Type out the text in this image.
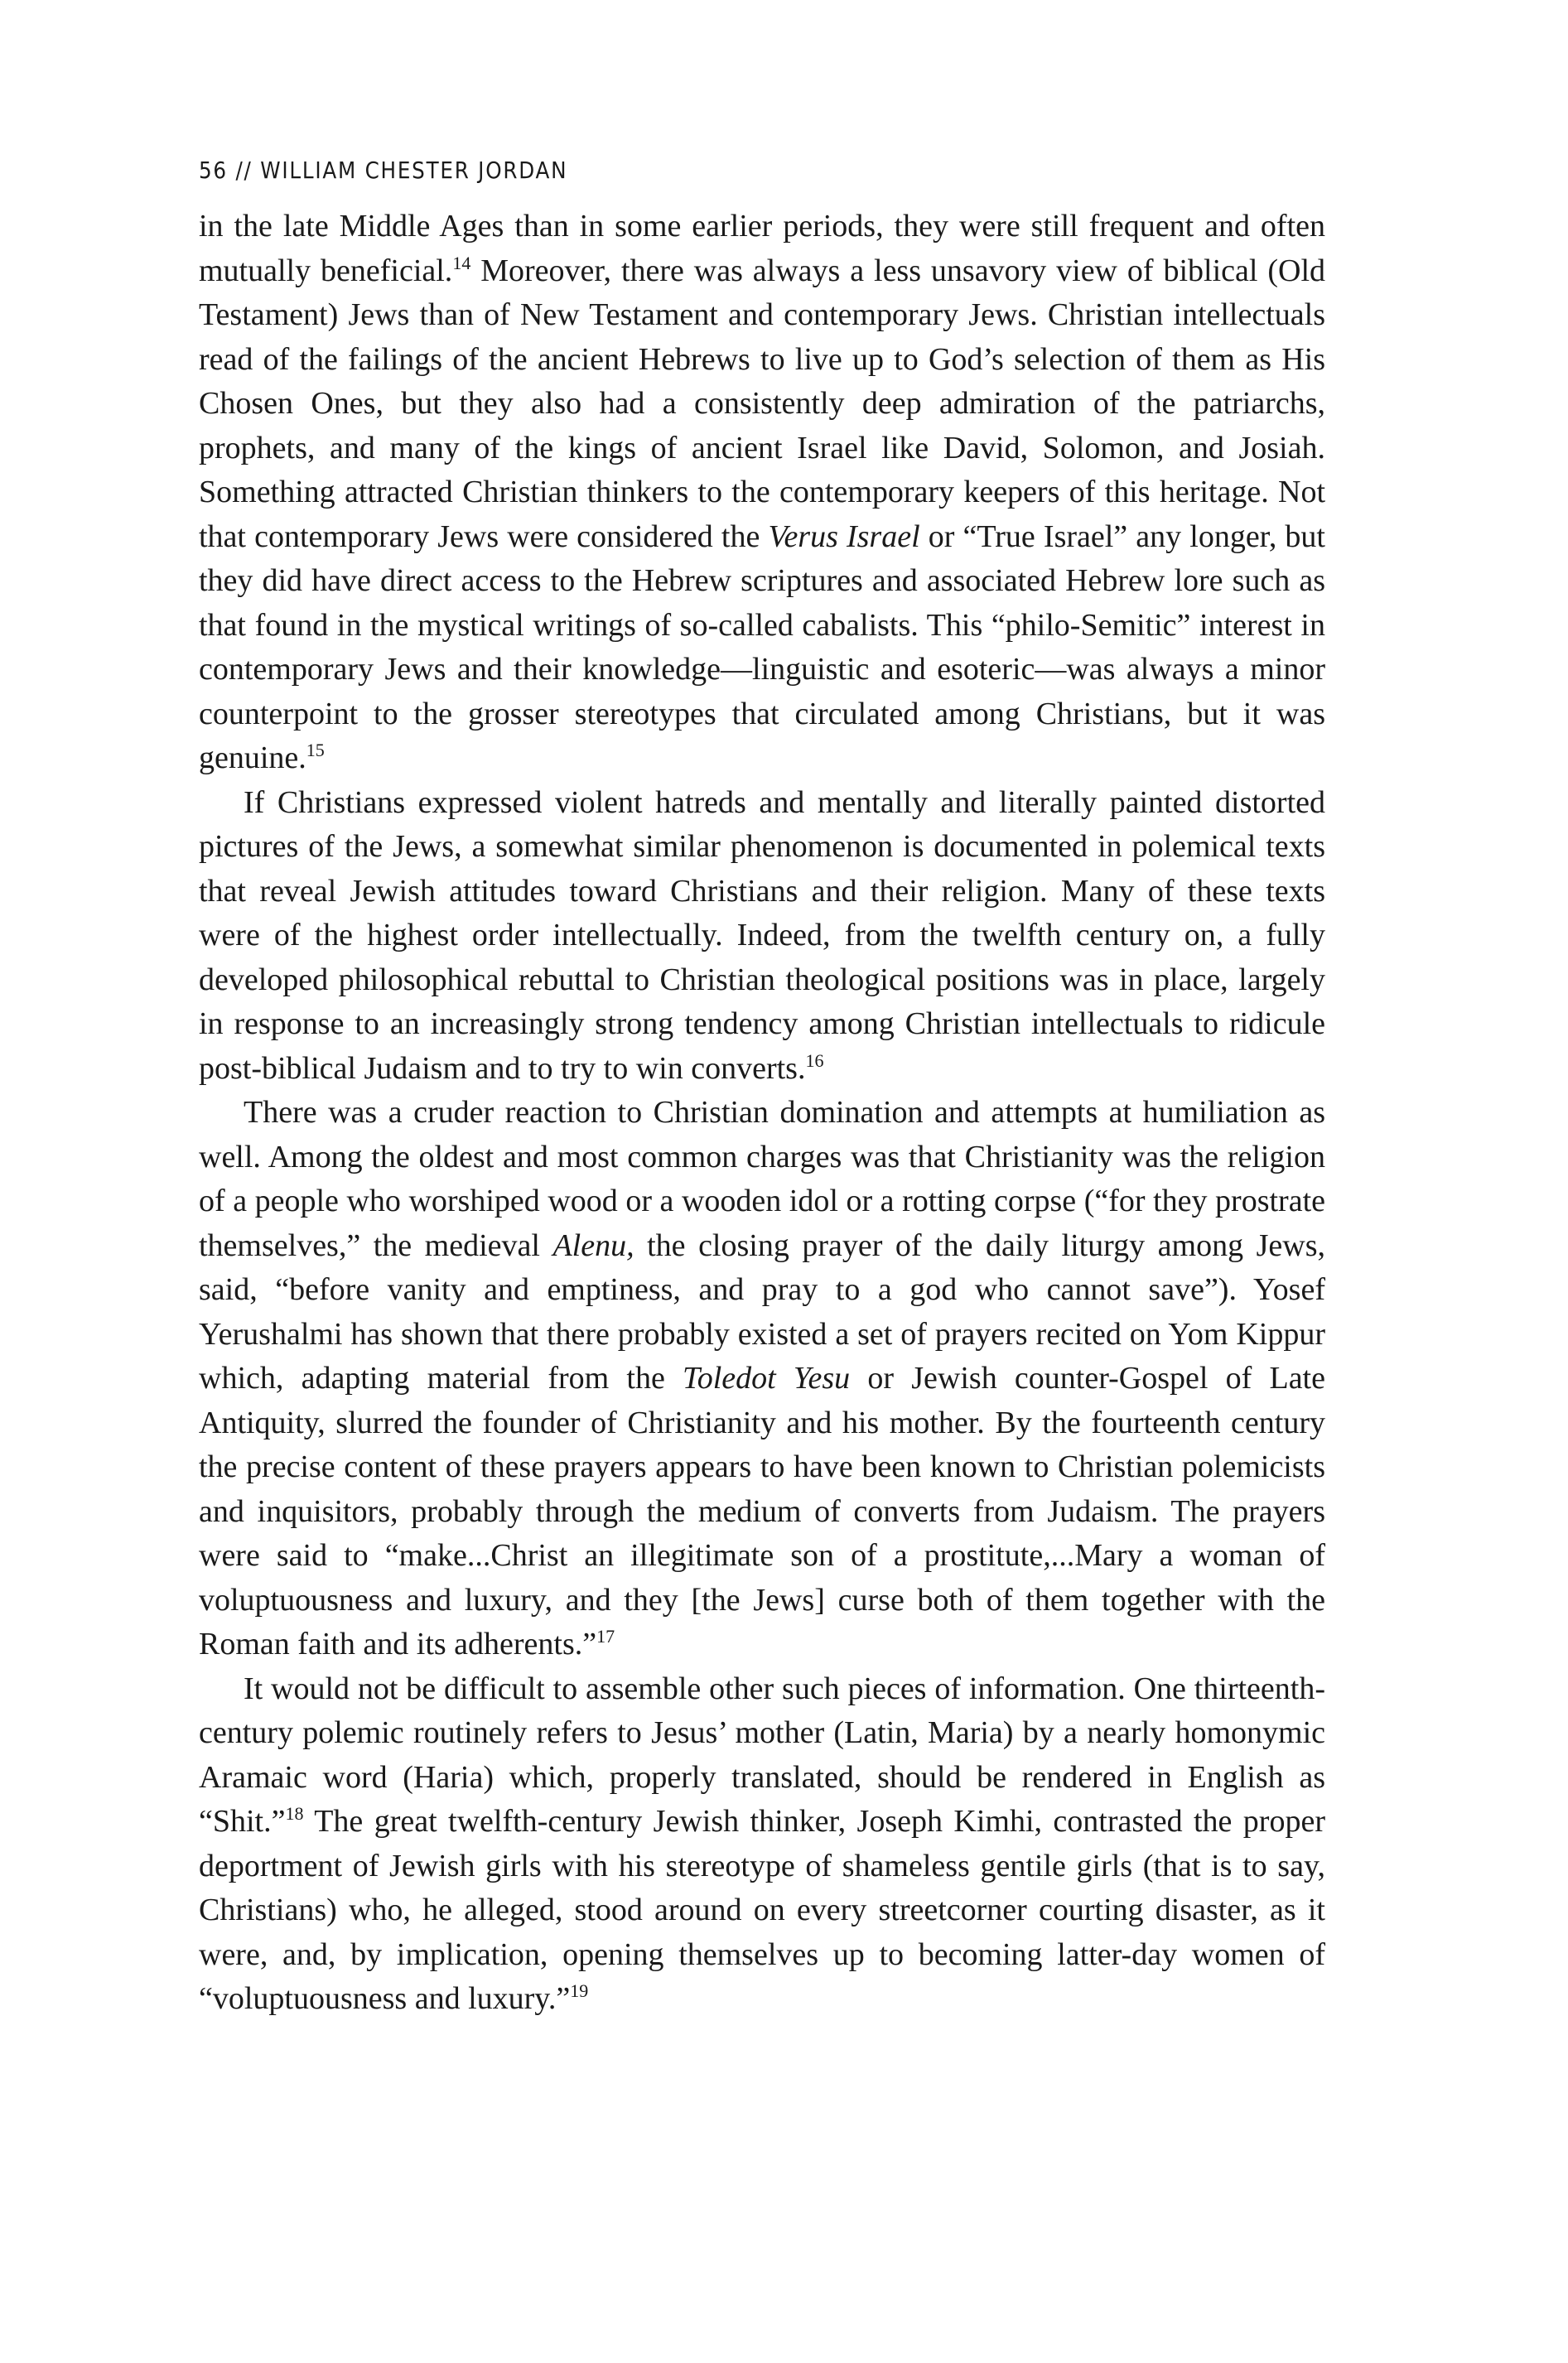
56 // WILLIAM CHESTER JORDAN

in the late Middle Ages than in some earlier periods, they were still frequent and often mutually beneficial.$^{14}$ Moreover, there was always a less unsavory view of biblical (Old Testament) Jews than of New Testament and contemporary Jews. Christian intellectuals read of the failings of the ancient Hebrews to live up to God’s selection of them as His Chosen Ones, but they also had a consistently deep admiration of the patriarchs, prophets, and many of the kings of ancient Israel like David, Solomon, and Josiah. Something attracted Christian thinkers to the contemporary keepers of this heritage. Not that contemporary Jews were considered the Verus Israel or “True Israel” any longer, but they did have direct access to the Hebrew scriptures and associated Hebrew lore such as that found in the mystical writings of so-called cabalists. This “philo-Semitic” interest in contemporary Jews and their knowledge—linguistic and esoteric—was always a minor counterpoint to the grosser stereotypes that circulated among Christians, but it was genuine.$^{15}$

If Christians expressed violent hatreds and mentally and literally painted distorted pictures of the Jews, a somewhat similar phenomenon is documented in polemical texts that reveal Jewish attitudes toward Christians and their religion. Many of these texts were of the highest order intellectually. Indeed, from the twelfth century on, a fully developed philosophical rebuttal to Christian theological positions was in place, largely in response to an increasingly strong tendency among Christian intellectuals to ridicule post-biblical Judaism and to try to win converts.$^{16}$

There was a cruder reaction to Christian domination and attempts at humiliation as well. Among the oldest and most common charges was that Christianity was the religion of a people who worshiped wood or a wooden idol or a rotting corpse (“for they prostrate themselves,” the medieval Alenu, the closing prayer of the daily liturgy among Jews, said, “before vanity and emptiness, and pray to a god who cannot save”). Yosef Yerushalmi has shown that there probably existed a set of prayers recited on Yom Kippur which, adapting material from the Toledot Yesu or Jewish counter-Gospel of Late Antiquity, slurred the founder of Christianity and his mother. By the fourteenth century the precise content of these prayers appears to have been known to Christian polemicists and inquisitors, probably through the medium of converts from Judaism. The prayers were said to “make...Christ an illegitimate son of a prostitute,...Mary a woman of voluptuousness and luxury, and they [the Jews] curse both of them together with the Roman faith and its adherents.”$^{17}$

It would not be difficult to assemble other such pieces of information. One thirteenth-century polemic routinely refers to Jesus’ mother (Latin, Maria) by a nearly homonymic Aramaic word (Haria) which, properly translated, should be rendered in English as “Shit.”$^{18}$ The great twelfth-century Jewish thinker, Joseph Kimhi, contrasted the proper deportment of Jewish girls with his stereotype of shameless gentile girls (that is to say, Christians) who, he alleged, stood around on every streetcorner courting disaster, as it were, and, by implication, opening themselves up to becoming latter-day women of “voluptuousness and luxury.”$^{19}$
